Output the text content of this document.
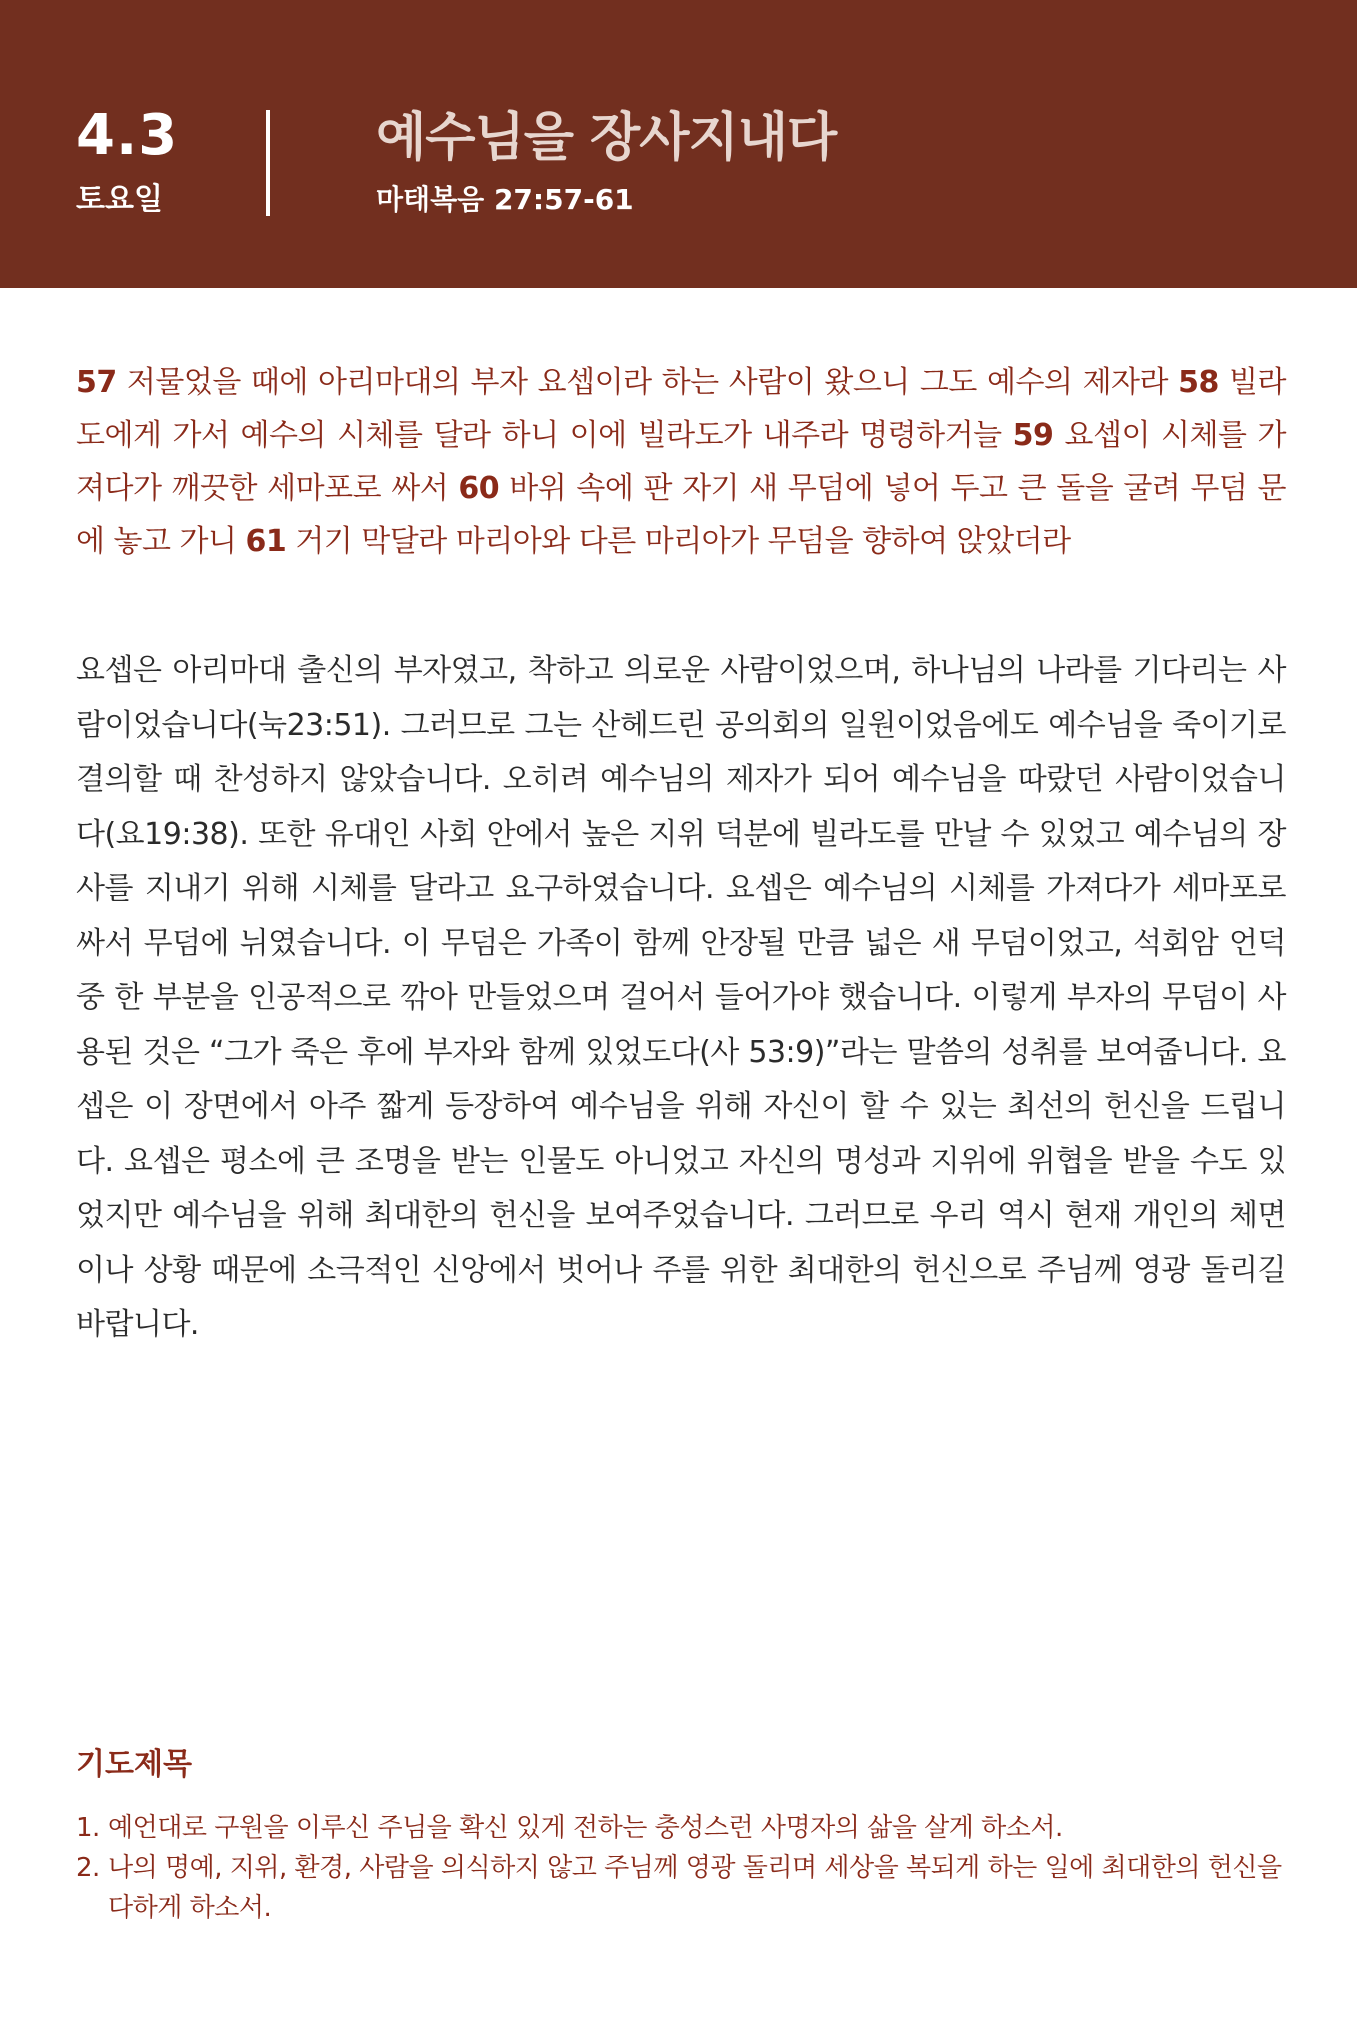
4.3
토요일
예수님을 장사지내다
마태복음 27:57-61
57 저물었을 때에 아리마대의 부자 요셉이라 하는 사람이 왔으니 그도 예수의 제자라 58 빌라도에게 가서 예수의 시체를 달라 하니 이에 빌라도가 내주라 명령하거늘 59 요셉이 시체를 가져다가 깨끗한 세마포로 싸서 60 바위 속에 판 자기 새 무덤에 넣어 두고 큰 돌을 굴려 무덤 문에 놓고 가니 61 거기 막달라 마리아와 다른 마리아가 무덤을 향하여 앉았더라
요셉은 아리마대 출신의 부자였고, 착하고 의로운 사람이었으며, 하나님의 나라를 기다리는 사람이었습니다(눅23:51). 그러므로 그는 산헤드린 공의회의 일원이었음에도 예수님을 죽이기로 결의할 때 찬성하지 않았습니다. 오히려 예수님의 제자가 되어 예수님을 따랐던 사람이었습니다(요19:38). 또한 유대인 사회 안에서 높은 지위 덕분에 빌라도를 만날 수 있었고 예수님의 장사를 지내기 위해 시체를 달라고 요구하였습니다. 요셉은 예수님의 시체를 가져다가 세마포로 싸서 무덤에 뉘였습니다. 이 무덤은 가족이 함께 안장될 만큼 넓은 새 무덤이었고, 석회암 언덕 중 한 부분을 인공적으로 깎아 만들었으며 걸어서 들어가야 했습니다. 이렇게 부자의 무덤이 사용된 것은 “그가 죽은 후에 부자와 함께 있었도다(사 53:9)”라는 말씀의 성취를 보여줍니다. 요셉은 이 장면에서 아주 짧게 등장하여 예수님을 위해 자신이 할 수 있는 최선의 헌신을 드립니다. 요셉은 평소에 큰 조명을 받는 인물도 아니었고 자신의 명성과 지위에 위협을 받을 수도 있었지만 예수님을 위해 최대한의 헌신을 보여주었습니다. 그러므로 우리 역시 현재 개인의 체면이나 상황 때문에 소극적인 신앙에서 벗어나 주를 위한 최대한의 헌신으로 주님께 영광 돌리길 바랍니다.
기도제목
1. 예언대로 구원을 이루신 주님을 확신 있게 전하는 충성스런 사명자의 삶을 살게 하소서.
2. 나의 명예, 지위, 환경, 사람을 의식하지 않고 주님께 영광 돌리며 세상을 복되게 하는 일에 최대한의 헌신을 다하게 하소서.
